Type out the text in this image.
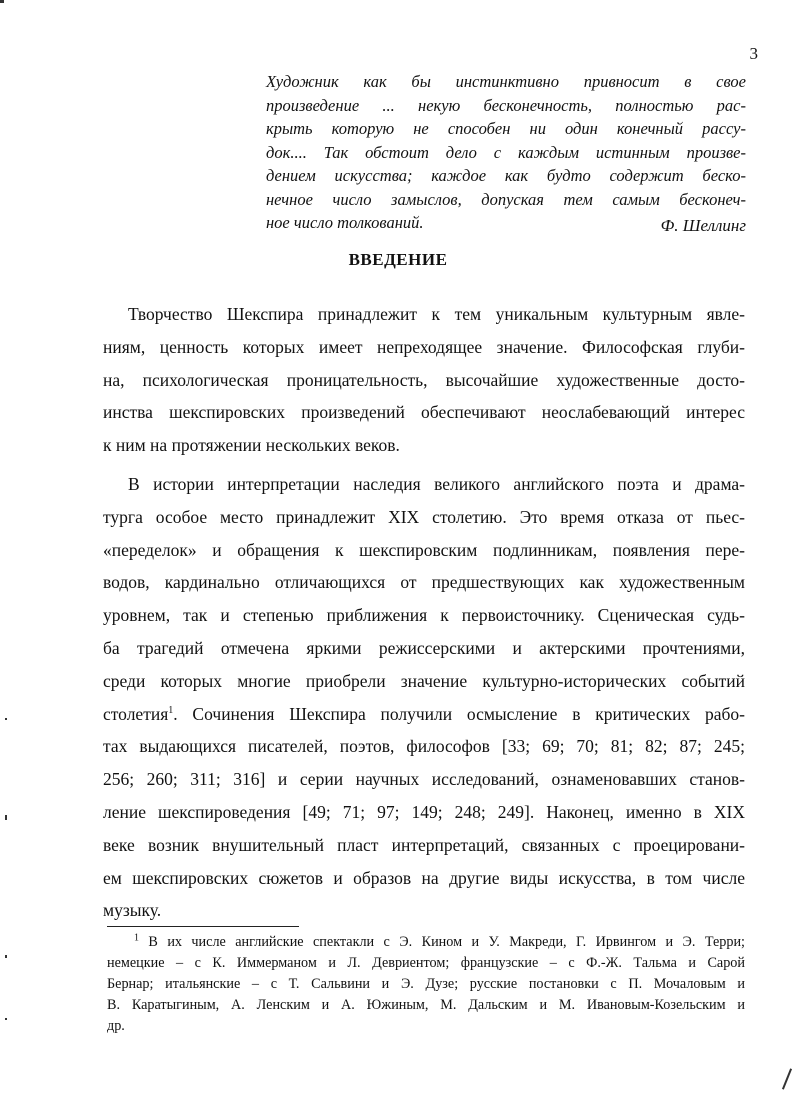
3
Художник как бы инстинктивно привносит в свое
произведение ... некую бесконечность, полностью рас-
крыть которую не способен ни один конечный рассу-
док.... Так обстоит дело с каждым истинным произве-
дением искусства; каждое как будто содержит беско-
нечное число замыслов, допуская тем самым бесконеч-
ное число толкований.	Ф. Шеллинг
ВВЕДЕНИЕ
Творчество Шекспира принадлежит к тем уникальным культурным явле-
ниям, ценность которых имеет непреходящее значение. Философская глуби-
на, психологическая проницательность, высочайшие художественные досто-
инства шекспировских произведений обеспечивают неослабевающий интерес
к ним на протяжении нескольких веков.
В истории интерпретации наследия великого английского поэта и драма-
турга особое место принадлежит XIX столетию. Это время отказа от пьес-
«переделок» и обращения к шекспировским подлинникам, появления пере-
водов, кардинально отличающихся от предшествующих как художественным
уровнем, так и степенью приближения к первоисточнику. Сценическая судь-
ба трагедий отмечена яркими режиссерскими и актерскими прочтениями,
среди которых многие приобрели значение культурно-исторических событий
столетия$^1$. Сочинения Шекспира получили осмысление в критических рабо-
тах выдающихся писателей, поэтов, философов [33; 69; 70; 81; 82; 87; 245;
256; 260; 311; 316] и серии научных исследований, ознаменовавших станов-
ление шекспироведения [49; 71; 97; 149; 248; 249]. Наконец, именно в XIX
веке возник внушительный пласт интерпретаций, связанных с проецировани-
ем шекспировских сюжетов и образов на другие виды искусства, в том числе
музыку.
$^1$ В их числе английские спектакли с Э. Кином и У. Макреди, Г. Ирвингом и Э. Терри;
немецкие – с К. Иммерманом и Л. Девриентом; французские – с Ф.-Ж. Тальма и Сарой
Бернар; итальянские – с Т. Сальвини и Э. Дузе; русские постановки с П. Мочаловым и
В. Каратыгиным, А. Ленским и А. Южиным, М. Дальским и М. Ивановым-Козельским и
др.
